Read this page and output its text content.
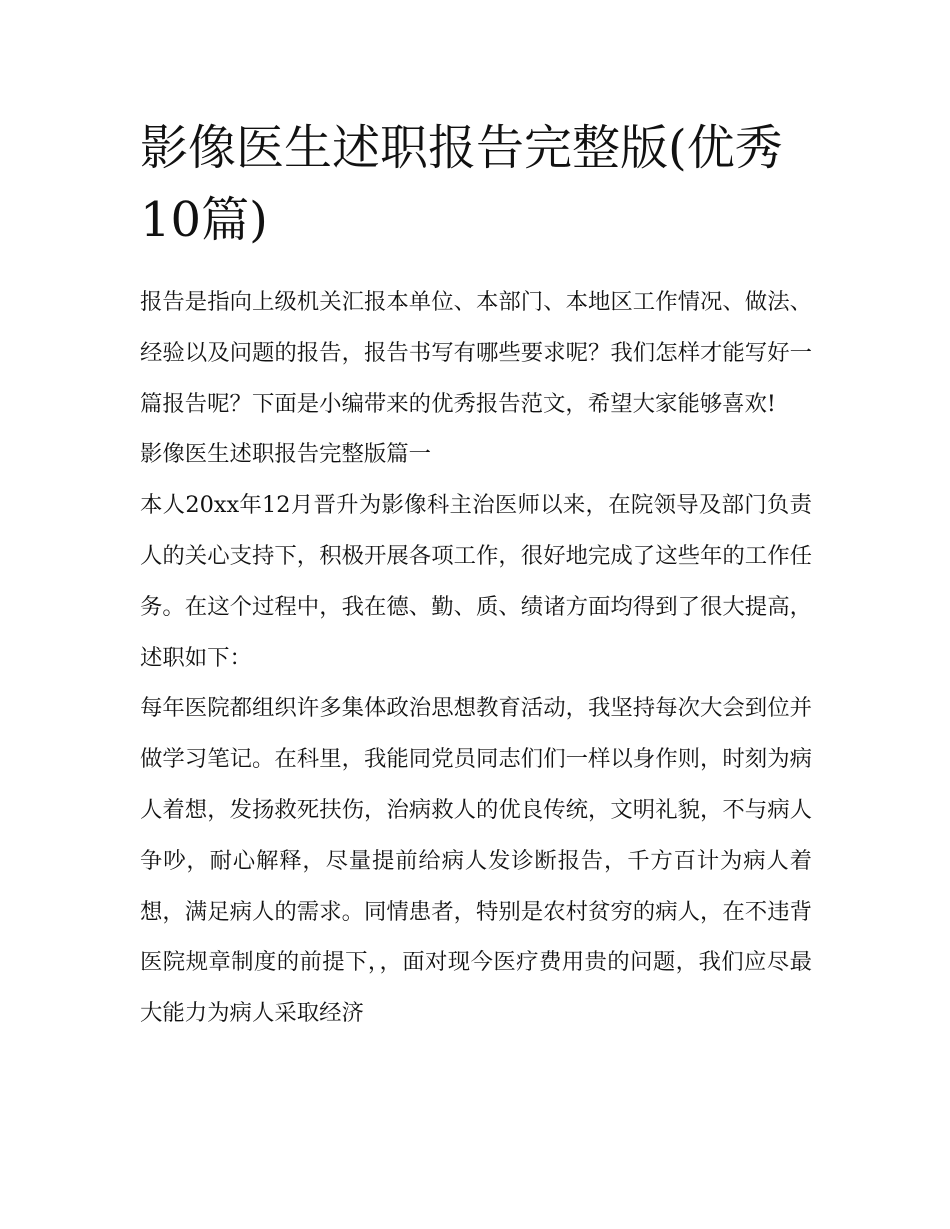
影像医生述职报告完整版(优秀10篇)

报告是指向上级机关汇报本单位、本部门、本地区工作情况、做法、经验以及问题的报告，报告书写有哪些要求呢？我们怎样才能写好一篇报告呢？下面是小编带来的优秀报告范文，希望大家能够喜欢!

影像医生述职报告完整版篇一

本人20xx年12月晋升为影像科主治医师以来，在院领导及部门负责人的关心支持下，积极开展各项工作，很好地完成了这些年的工作任务。在这个过程中，我在德、勤、质、绩诸方面均得到了很大提高，述职如下：

每年医院都组织许多集体政治思想教育活动，我坚持每次大会到位并做学习笔记。在科里，我能同党员同志们们一样以身作则，时刻为病人着想，发扬救死扶伤，治病救人的优良传统，文明礼貌，不与病人争吵，耐心解释，尽量提前给病人发诊断报告，千方百计为病人着想，满足病人的需求。同情患者，特别是农村贫穷的病人，在不违背医院规章制度的前提下，，面对现今医疗费用贵的问题，我们应尽最大能力为病人采取经济
